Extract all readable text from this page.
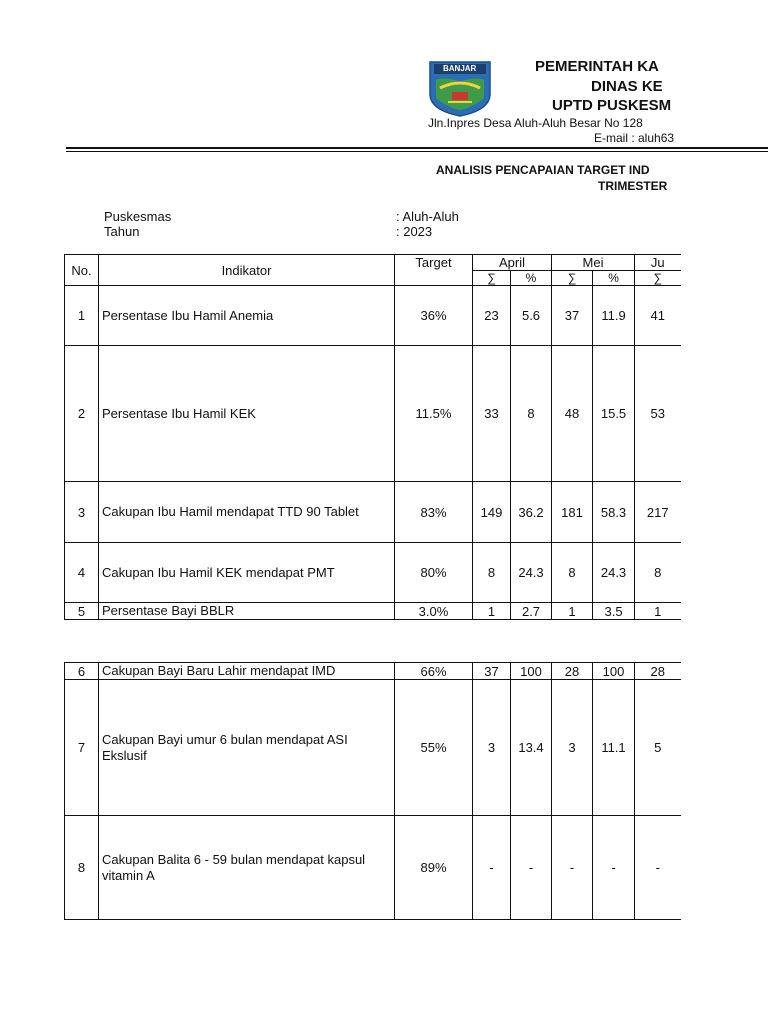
BANJAR	PEMERINTAH KA
DINAS KE
UPTD PUSKESM
Jln.Inpres Desa Aluh-Aluh Besar No 128
E-mail : aluh63
ANALISIS PENCAPAIAN TARGET IND
TRIMESTER
Puskesmas	: Aluh-Aluh
Tahun	: 2023
No.	Indikator	Target	April		Mei		Ju
			∑	%	∑	%	∑
1	Persentase Ibu Hamil Anemia	36%	23	5.6	37	11.9	41
2	Persentase Ibu Hamil KEK	11.5%	33	8	48	15.5	53
3	Cakupan Ibu Hamil mendapat TTD 90 Tablet	83%	149	36.2	181	58.3	217
4	Cakupan Ibu Hamil KEK mendapat PMT	80%	8	24.3	8	24.3	8
5	Persentase Bayi BBLR	3.0%	1	2.7	1	3.5	1
6	Cakupan Bayi Baru Lahir mendapat IMD	66%	37	100	28	100	28
7	Cakupan Bayi umur 6 bulan mendapat ASI Ekslusif	55%	3	13.4	3	11.1	5
8	Cakupan Balita 6 - 59 bulan mendapat kapsul vitamin A	89%	-	-	-	-	-
